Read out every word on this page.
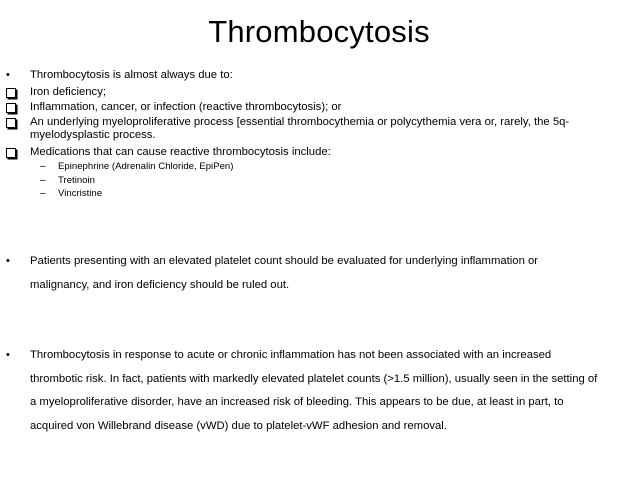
Thrombocytosis
• Thrombocytosis is almost always due to:
Iron deficiency;
Inflammation, cancer, or infection (reactive thrombocytosis); or
An underlying myeloproliferative process [essential thrombocythemia or polycythemia vera or, rarely, the 5q-myelodysplastic process.
Medications that can cause reactive thrombocytosis include:
– Epinephrine (Adrenalin Chloride, EpiPen)
– Tretinoin
– Vincristine
• Patients presenting with an elevated platelet count should be evaluated for underlying inflammation or malignancy, and iron deficiency should be ruled out.
• Thrombocytosis in response to acute or chronic inflammation has not been associated with an increased thrombotic risk. In fact, patients with markedly elevated platelet counts (>1.5 million), usually seen in the setting of a myeloproliferative disorder, have an increased risk of bleeding. This appears to be due, at least in part, to acquired von Willebrand disease (vWD) due to platelet-vWF adhesion and removal.
